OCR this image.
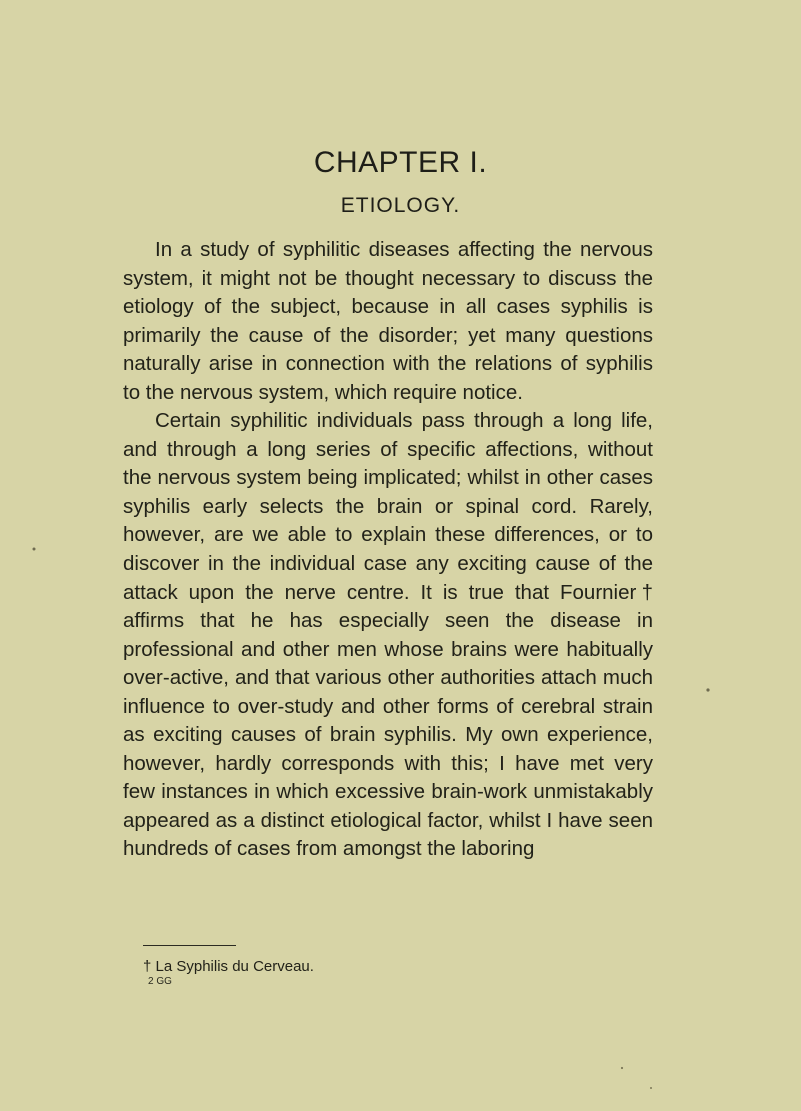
CHAPTER I.
ETIOLOGY.

In a study of syphilitic diseases affecting the nervous system, it might not be thought necessary to discuss the etiology of the subject, because in all cases syphilis is primarily the cause of the disorder; yet many questions naturally arise in connection with the relations of syphilis to the nervous system, which require notice.

Certain syphilitic individuals pass through a long life, and through a long series of specific affections, without the nervous system being implicated; whilst in other cases syphilis early selects the brain or spinal cord. Rarely, however, are we able to explain these differences, or to discover in the individual case any exciting cause of the attack upon the nerve centre. It is true that Fournier† affirms that he has especially seen the disease in professional and other men whose brains were habitually over-active, and that various other authorities attach much influence to over-study and other forms of cerebral strain as exciting causes of brain syphilis. My own experience, however, hardly corresponds with this; I have met very few instances in which excessive brain-work unmistakably appeared as a distinct etiological factor, whilst I have seen hundreds of cases from amongst the laboring

† La Syphilis du Cerveau.
2 GG
